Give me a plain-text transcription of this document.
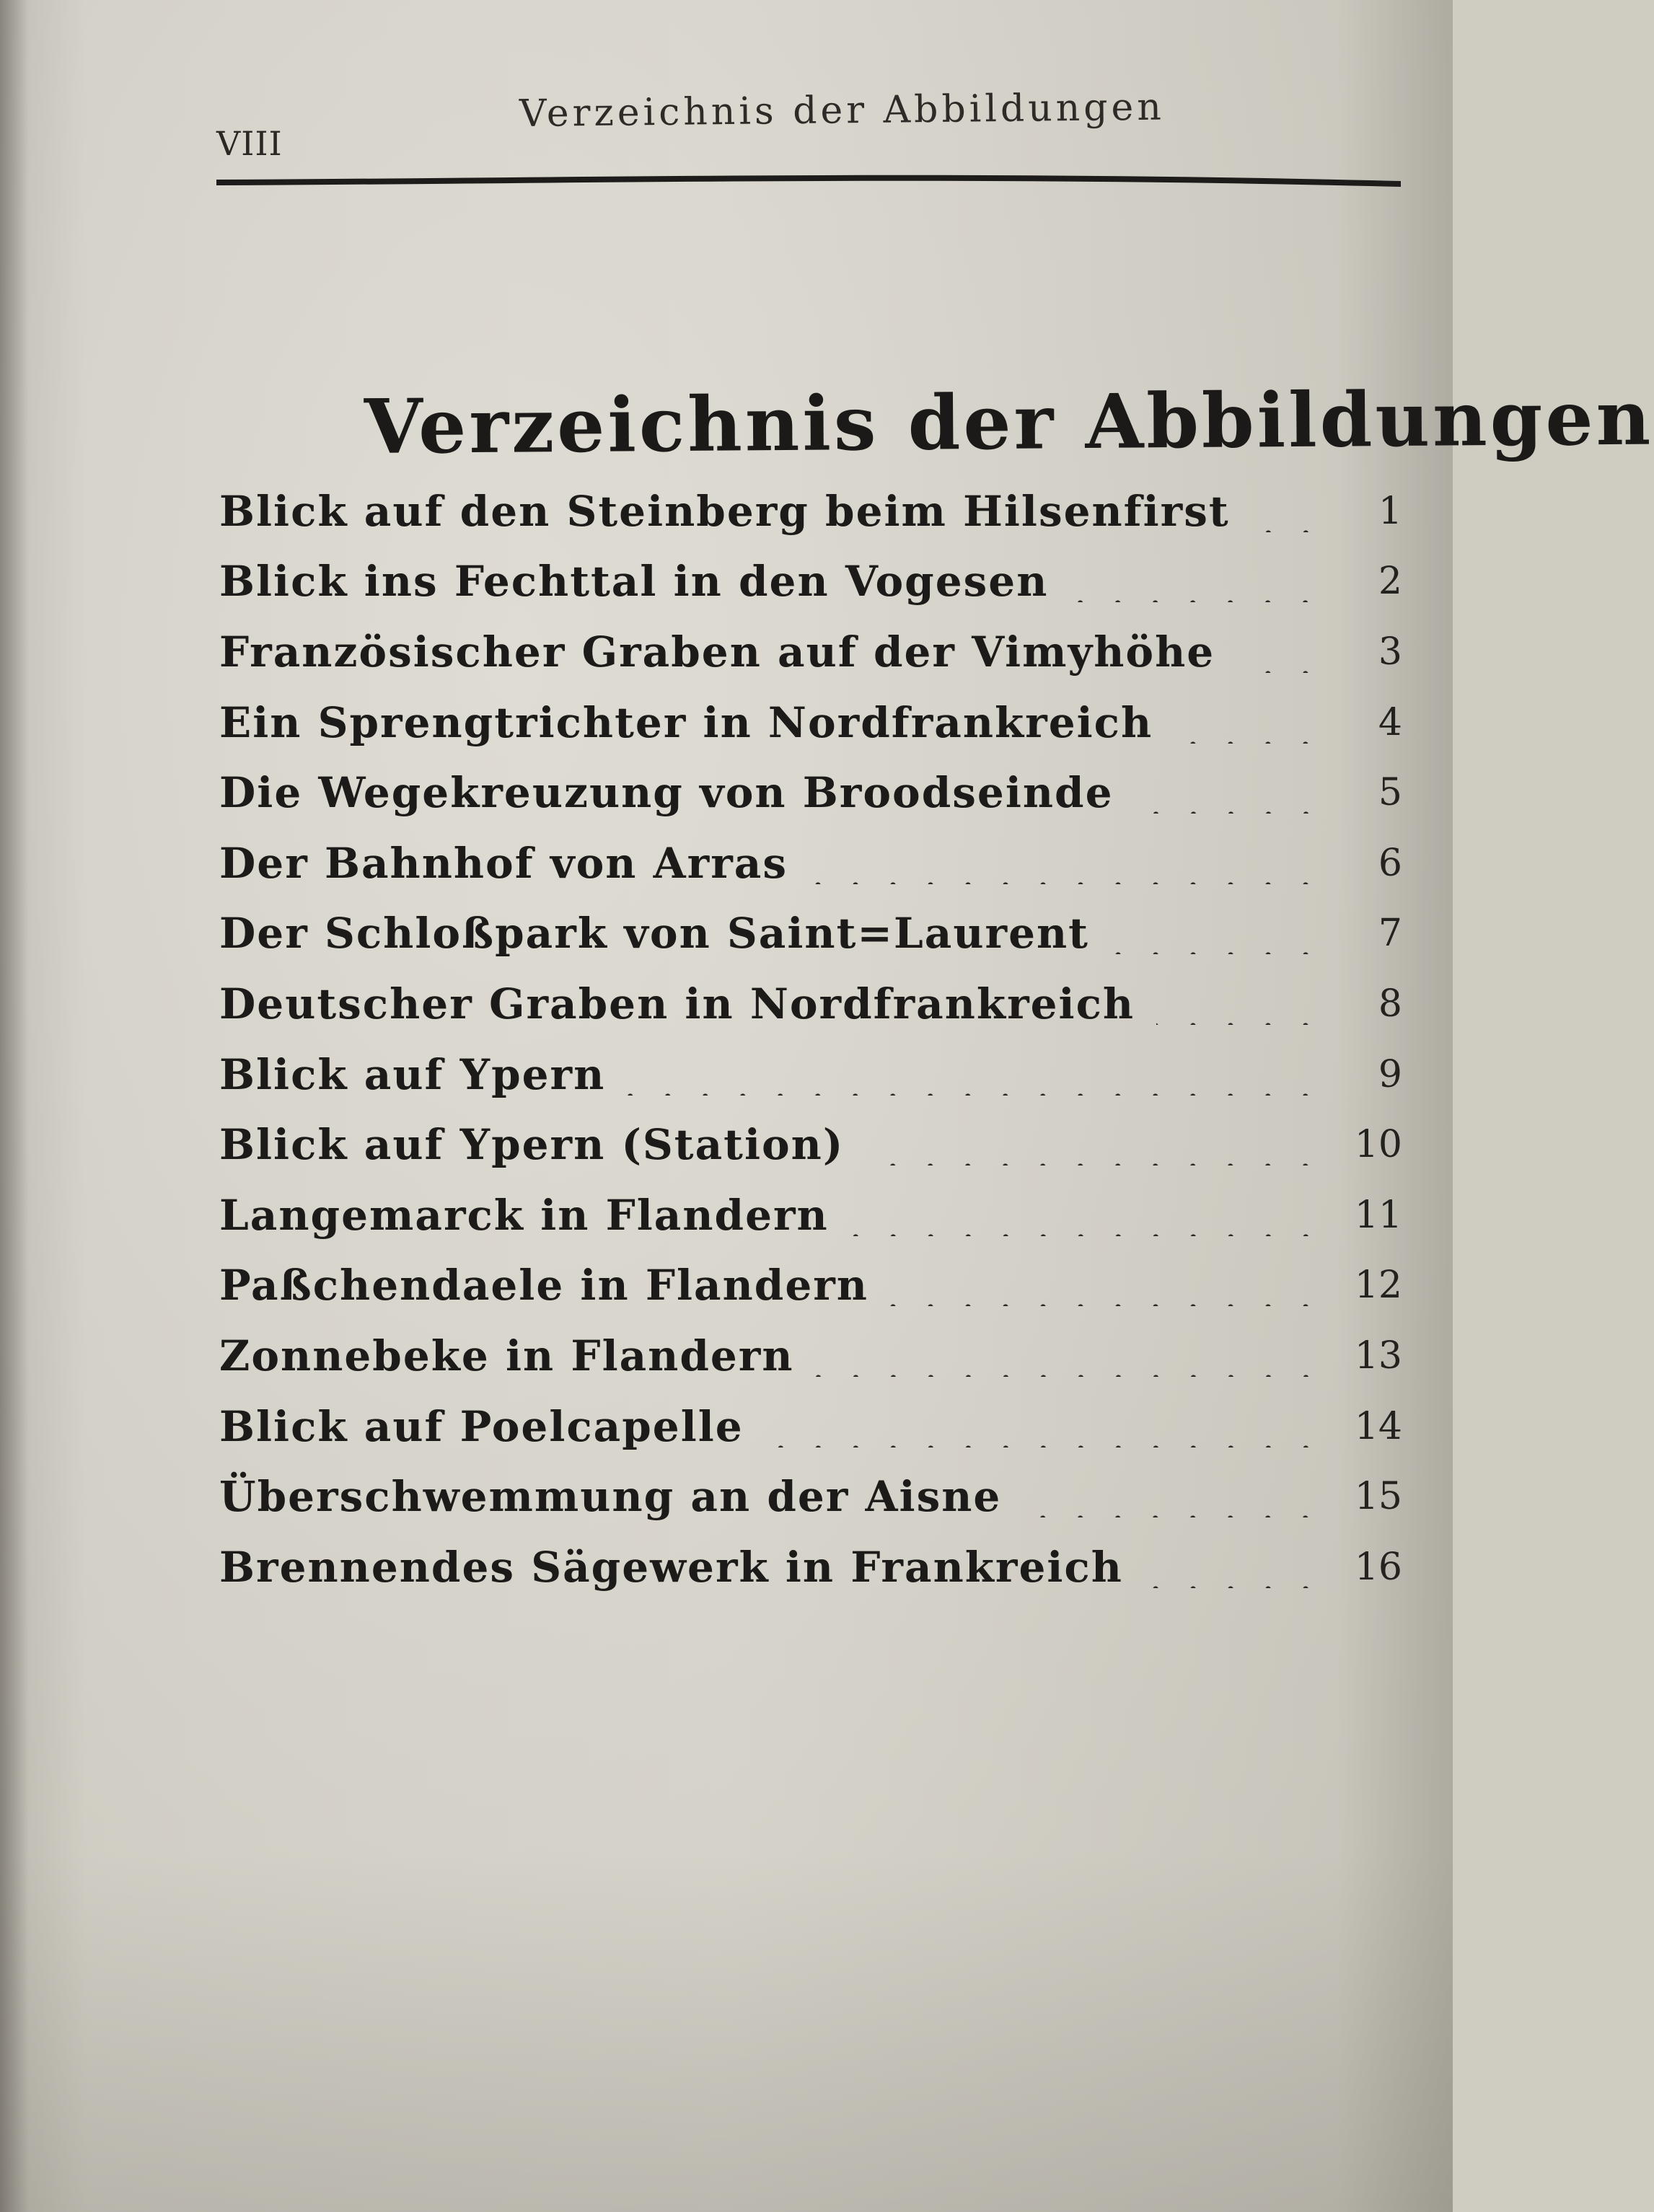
VIII
Verzeichnis der Abbildungen
Verzeichnis der Abbildungen
Blick auf den Steinberg beim Hilsenfirst	1
Blick ins Fechttal in den Vogesen	2
Französischer Graben auf der Vimyhöhe	3
Ein Sprengtrichter in Nordfrankreich	4
Die Wegekreuzung von Broodseinde	5
Der Bahnhof von Arras	6
Der Schloßpark von Saint=Laurent	7
Deutscher Graben in Nordfrankreich	8
Blick auf Ypern	9
Blick auf Ypern (Station)	10
Langemarck in Flandern	11
Paßchendaele in Flandern	12
Zonnebeke in Flandern	13
Blick auf Poelcapelle	14
Überschwemmung an der Aisne	15
Brennendes Sägewerk in Frankreich	16
